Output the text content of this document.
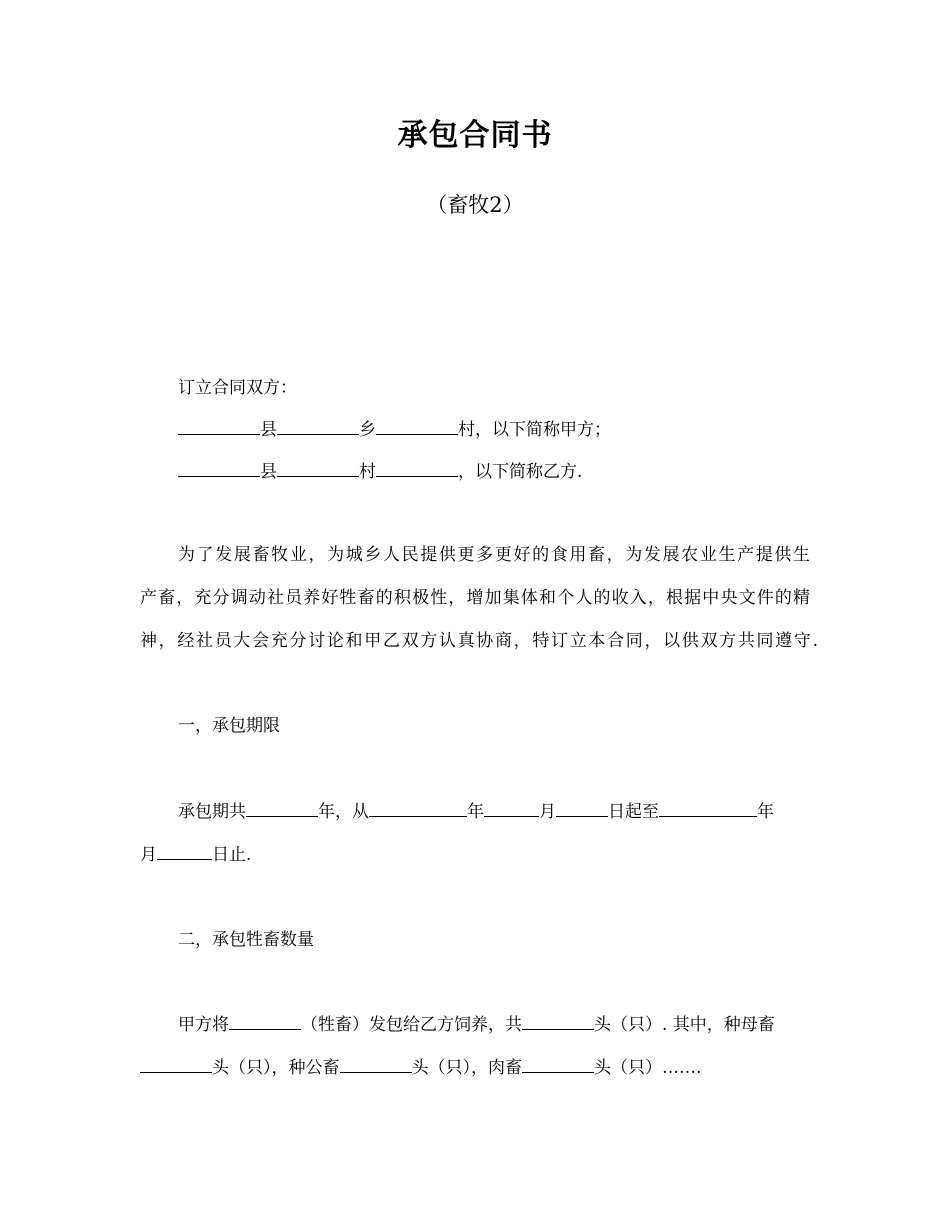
承包合同书
（畜牧2）
订立合同双方：
县	乡	村，以下简称甲方；
县	村	，以下简称乙方.
为了发展畜牧业，为城乡人民提供更多更好的食用畜，为发展农业生产提供生
产畜，充分调动社员养好牲畜的积极性，增加集体和个人的收入，根据中央文件的精
神，经社员大会充分讨论和甲乙双方认真协商，特订立本合同，以供双方共同遵守.
一，承包期限
承包期共	年，从	年	月	日起至	年
月	日止.
二，承包牲畜数量
甲方将	（牲畜）发包给乙方饲养，共	头（只）. 其中，种母畜
头（只），种公畜	头（只），肉畜	头（只）…….
